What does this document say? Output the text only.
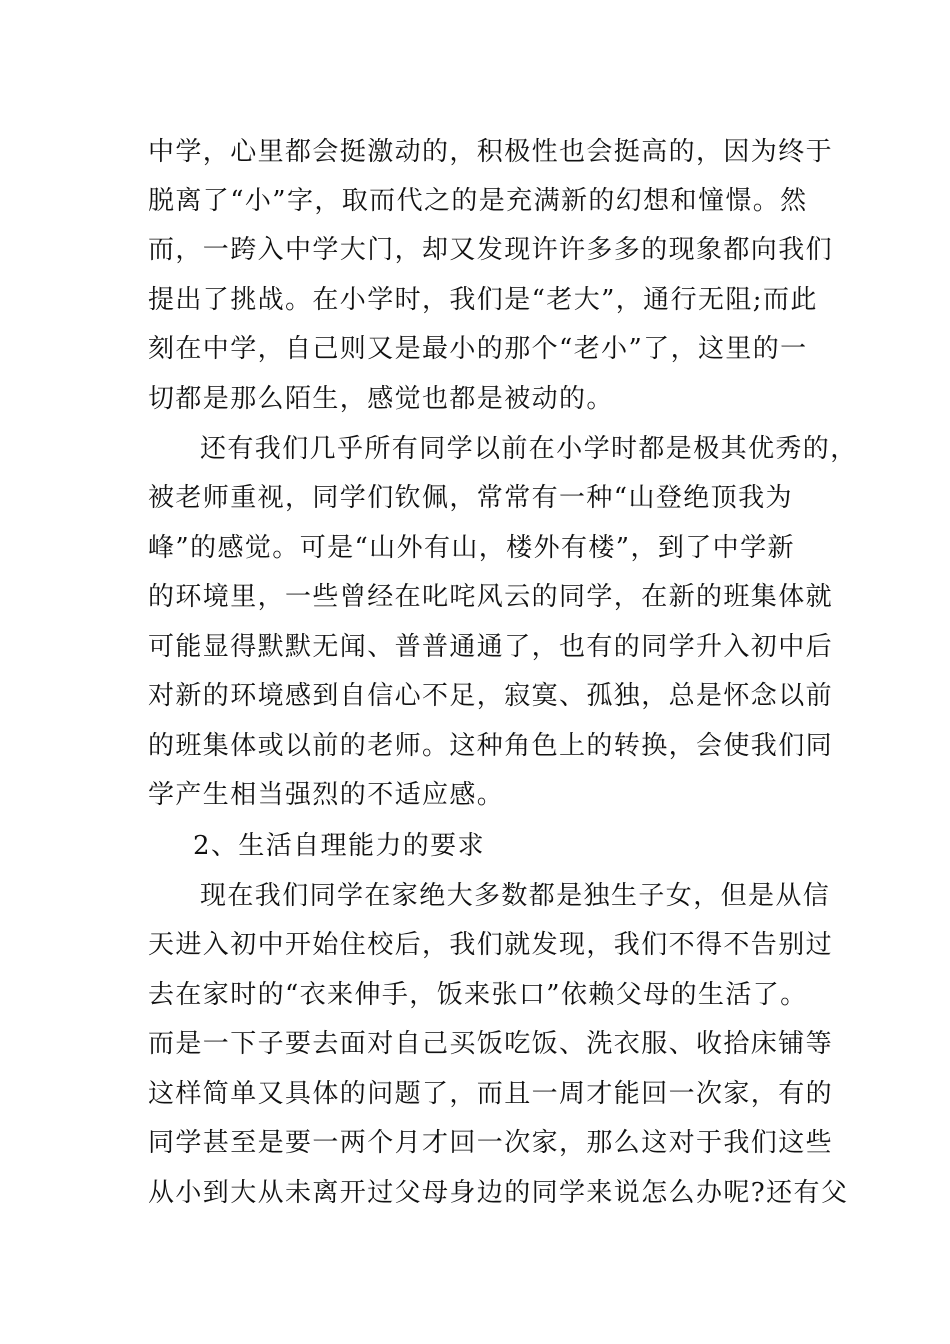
中学，心里都会挺激动的，积极性也会挺高的，因为终于
脱离了“小”字，取而代之的是充满新的幻想和憧憬。然
而，一跨入中学大门，却又发现许许多多的现象都向我们
提出了挑战。在小学时，我们是“老大”，通行无阻;而此
刻在中学，自己则又是最小的那个“老小”了，这里的一
切都是那么陌生，感觉也都是被动的。
还有我们几乎所有同学以前在小学时都是极其优秀的，
被老师重视，同学们钦佩，常常有一种“山登绝顶我为
峰”的感觉。可是“山外有山，楼外有楼”，到了中学新
的环境里，一些曾经在叱咤风云的同学，在新的班集体就
可能显得默默无闻、普普通通了，也有的同学升入初中后
对新的环境感到自信心不足，寂寞、孤独，总是怀念以前
的班集体或以前的老师。这种角色上的转换，会使我们同
学产生相当强烈的不适应感。
2、生活自理能力的要求
现在我们同学在家绝大多数都是独生子女，但是从信
天进入初中开始住校后，我们就发现，我们不得不告别过
去在家时的“衣来伸手，饭来张口”依赖父母的生活了。
而是一下子要去面对自己买饭吃饭、洗衣服、收拾床铺等
这样简单又具体的问题了，而且一周才能回一次家，有的
同学甚至是要一两个月才回一次家，那么这对于我们这些
从小到大从未离开过父母身边的同学来说怎么办呢?还有父
